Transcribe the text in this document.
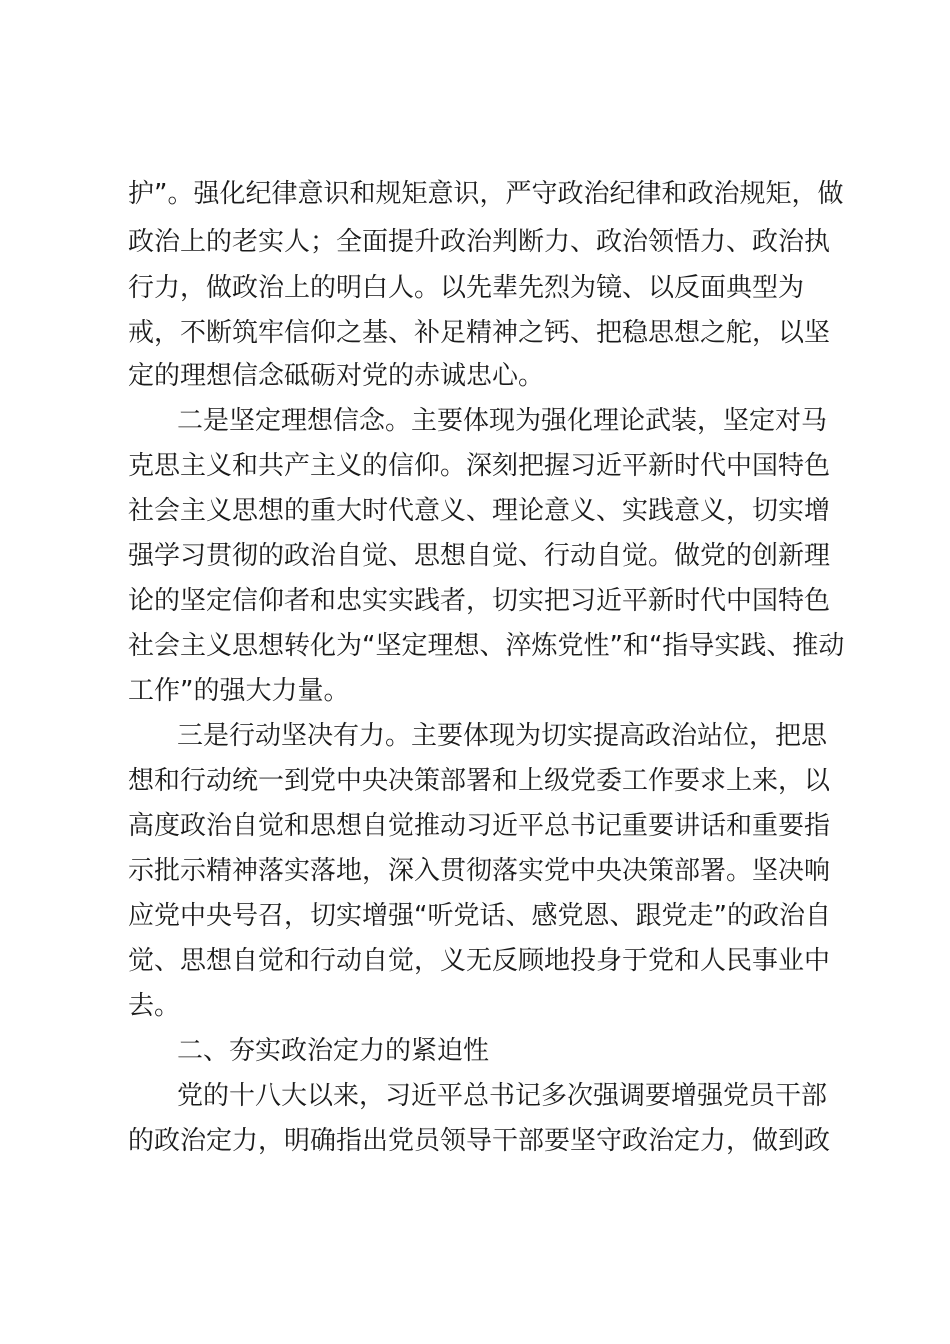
护”。强化纪律意识和规矩意识，严守政治纪律和政治规矩，做
政治上的老实人；全面提升政治判断力、政治领悟力、政治执
行力，做政治上的明白人。以先辈先烈为镜、以反面典型为
戒，不断筑牢信仰之基、补足精神之钙、把稳思想之舵，以坚
定的理想信念砥砺对党的赤诚忠心。
二是坚定理想信念。主要体现为强化理论武装，坚定对马
克思主义和共产主义的信仰。深刻把握习近平新时代中国特色
社会主义思想的重大时代意义、理论意义、实践意义，切实增
强学习贯彻的政治自觉、思想自觉、行动自觉。做党的创新理
论的坚定信仰者和忠实实践者，切实把习近平新时代中国特色
社会主义思想转化为“坚定理想、淬炼党性”和“指导实践、推动
工作”的强大力量。
三是行动坚决有力。主要体现为切实提高政治站位，把思
想和行动统一到党中央决策部署和上级党委工作要求上来，以
高度政治自觉和思想自觉推动习近平总书记重要讲话和重要指
示批示精神落实落地，深入贯彻落实党中央决策部署。坚决响
应党中央号召，切实增强“听党话、感党恩、跟党走”的政治自
觉、思想自觉和行动自觉，义无反顾地投身于党和人民事业中
去。
二、夯实政治定力的紧迫性
党的十八大以来，习近平总书记多次强调要增强党员干部
的政治定力，明确指出党员领导干部要坚守政治定力，做到政
